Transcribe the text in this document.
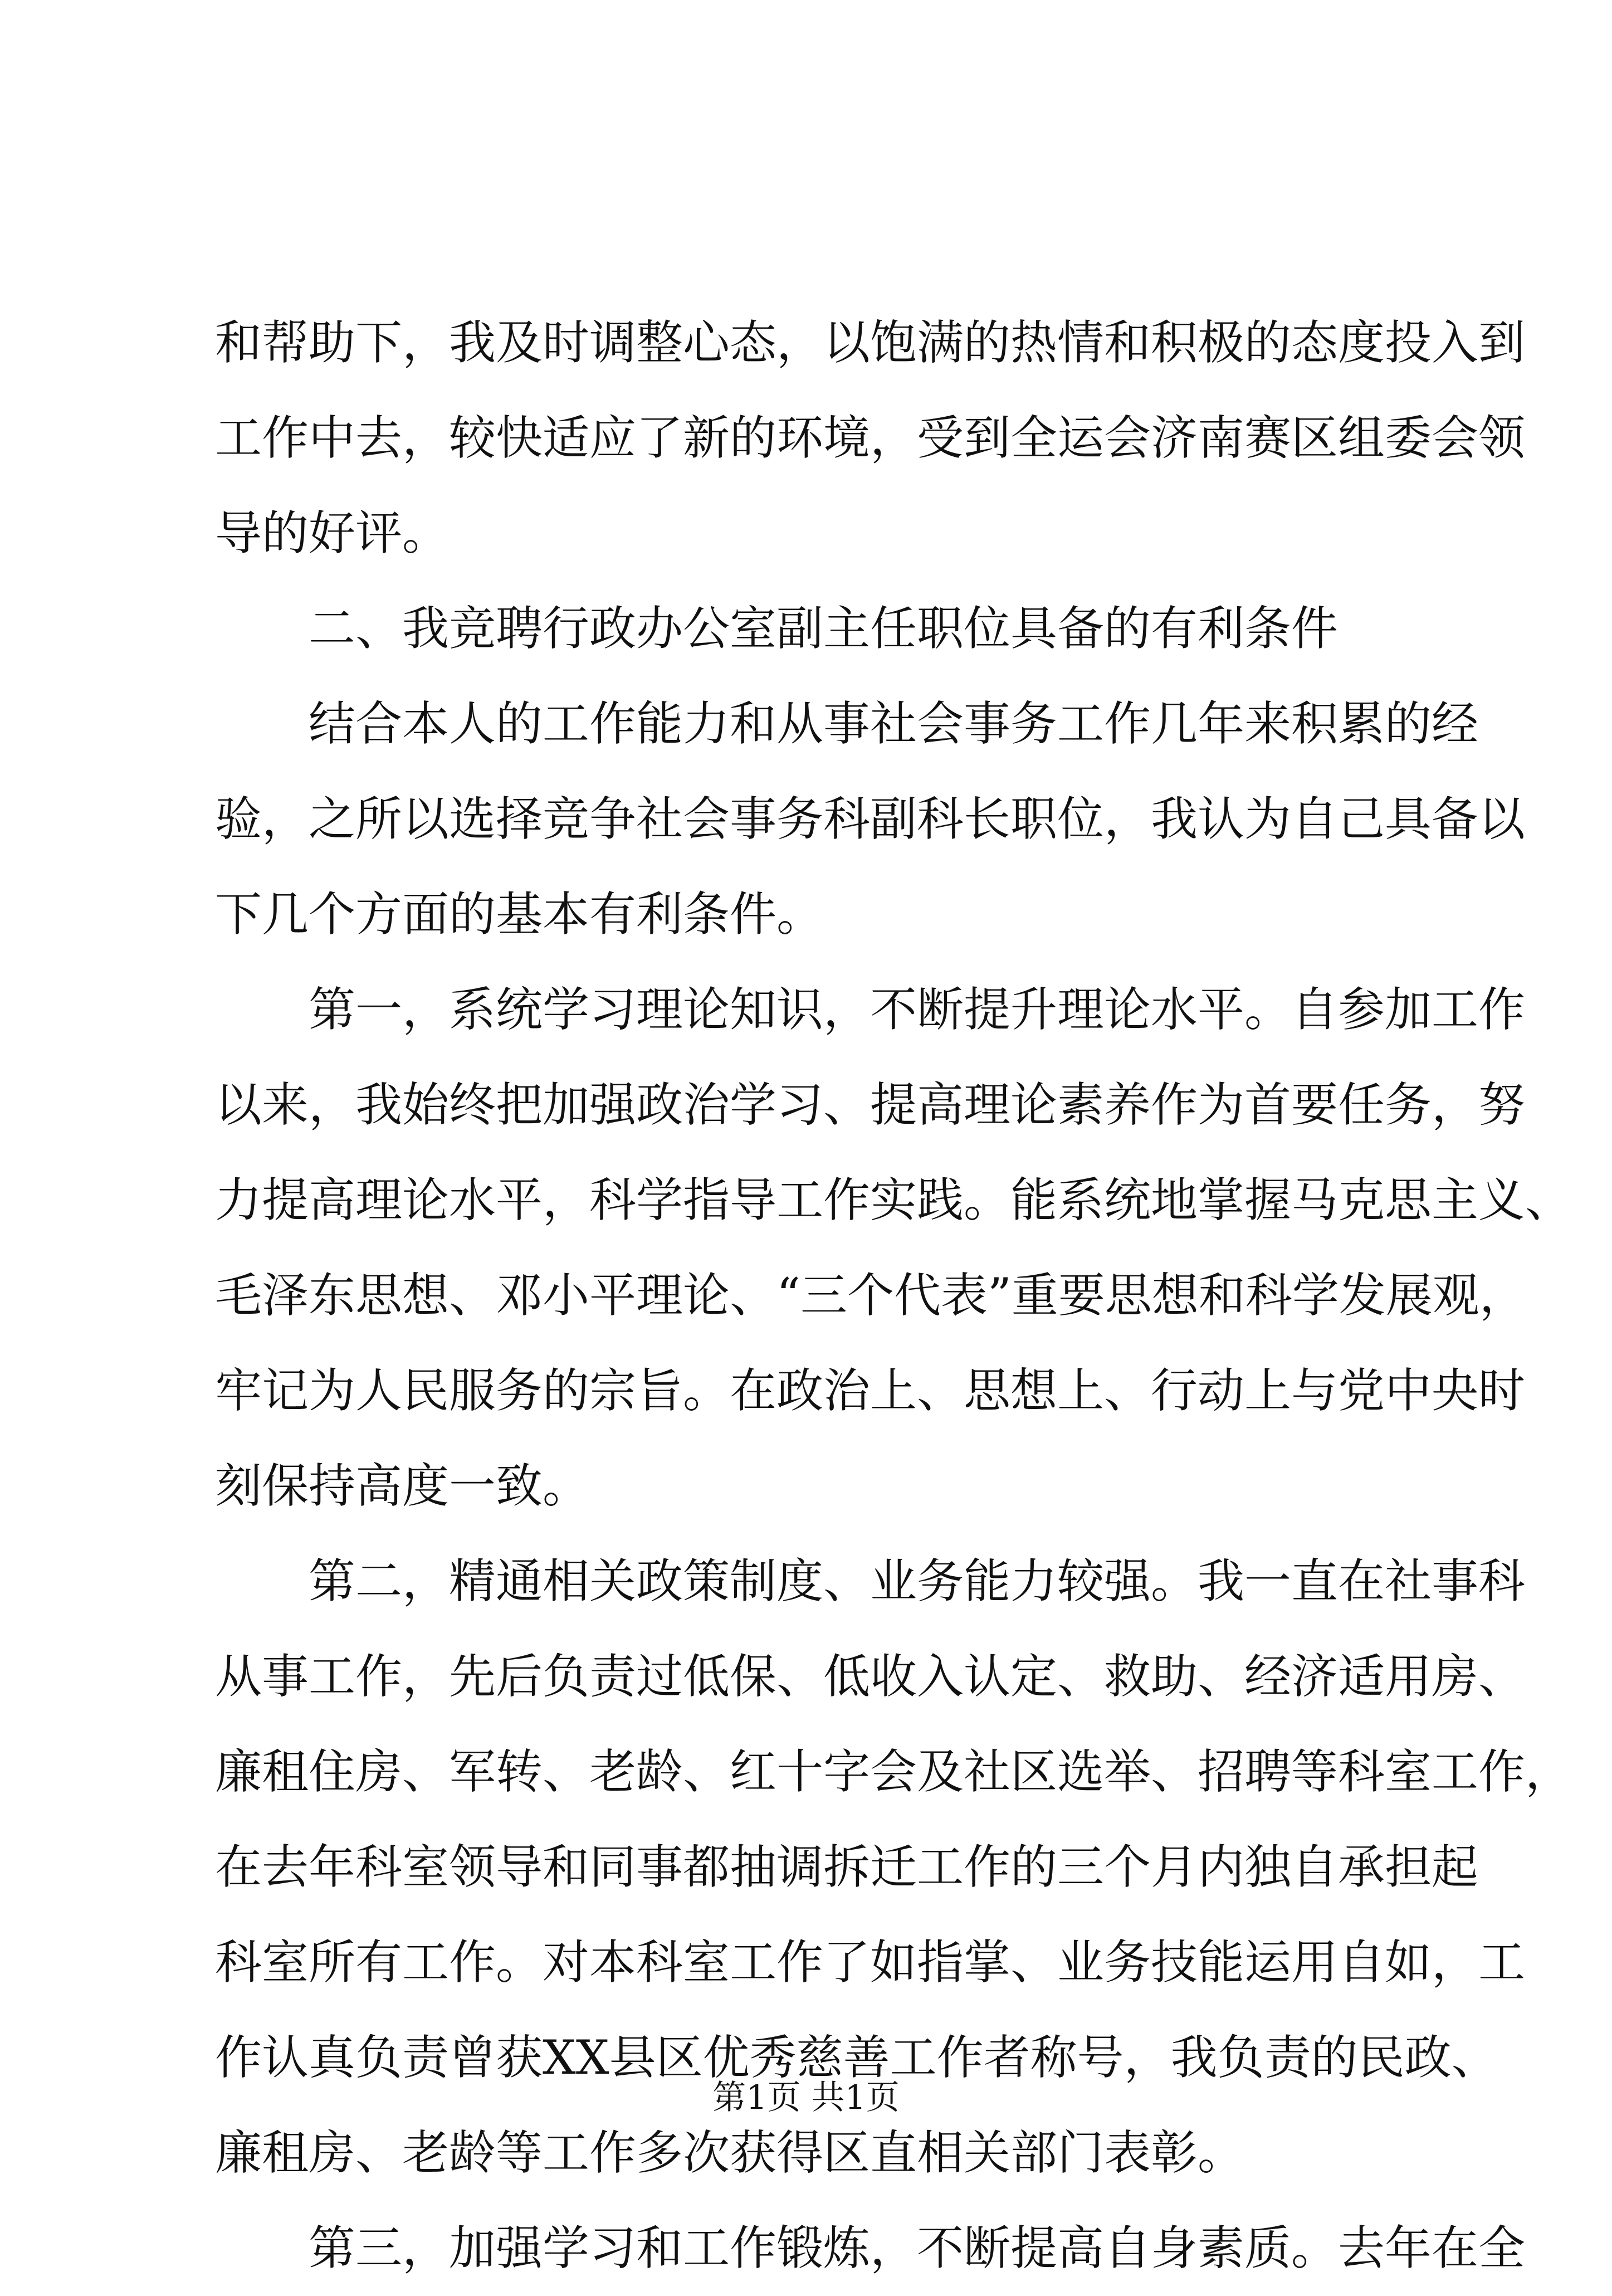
和帮助下，我及时调整心态，以饱满的热情和积极的态度投入到
工作中去，较快适应了新的环境，受到全运会济南赛区组委会领
导的好评。
二、我竞聘行政办公室副主任职位具备的有利条件
结合本人的工作能力和从事社会事务工作几年来积累的经
验，之所以选择竞争社会事务科副科长职位，我认为自己具备以
下几个方面的基本有利条件。
第一，系统学习理论知识，不断提升理论水平。自参加工作
以来，我始终把加强政治学习、提高理论素养作为首要任务，努
力提高理论水平，科学指导工作实践。能系统地掌握马克思主义、
毛泽东思想、邓小平理论、“三个代表”重要思想和科学发展观，
牢记为人民服务的宗旨。在政治上、思想上、行动上与党中央时
刻保持高度一致。
第二，精通相关政策制度、业务能力较强。我一直在社事科
从事工作，先后负责过低保、低收入认定、救助、经济适用房、
廉租住房、军转、老龄、红十字会及社区选举、招聘等科室工作，
在去年科室领导和同事都抽调拆迁工作的三个月内独自承担起
科室所有工作。对本科室工作了如指掌、业务技能运用自如，工
作认真负责曾获XX县区优秀慈善工作者称号，我负责的民政、
廉租房、老龄等工作多次获得区直相关部门表彰。
第三，加强学习和工作锻炼，不断提高自身素质。去年在全
第1页 共1页
